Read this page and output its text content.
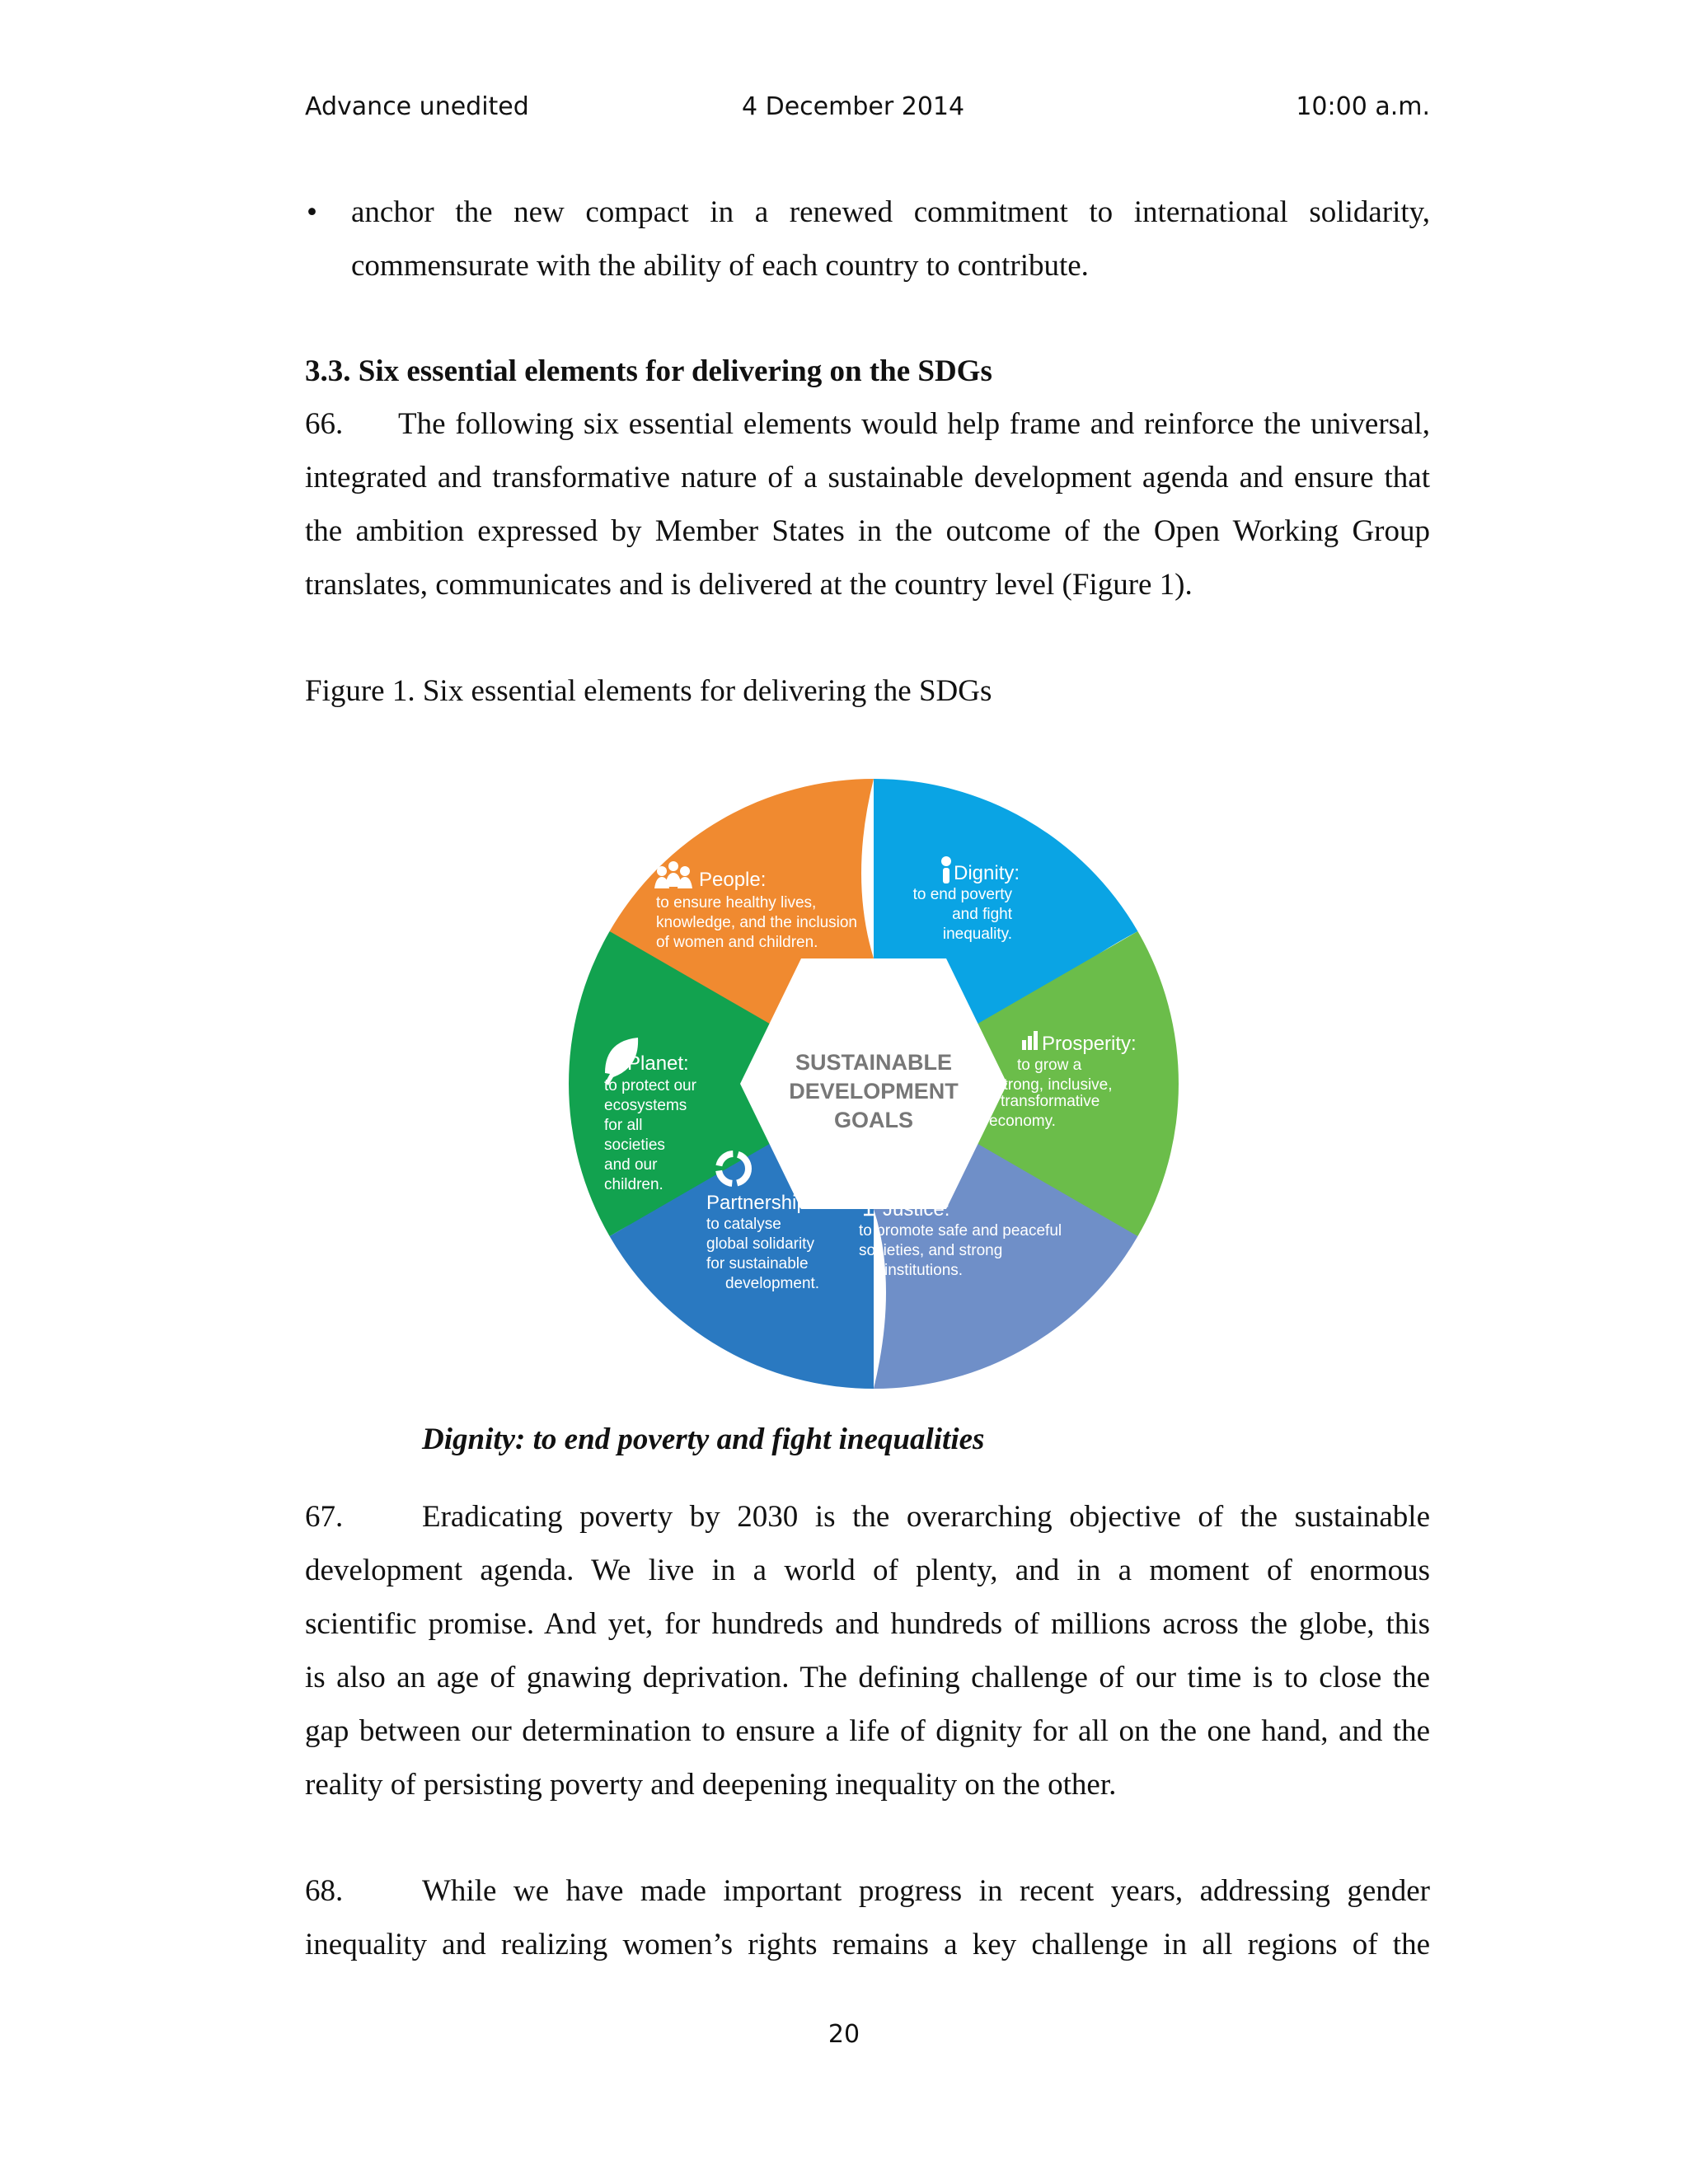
Advance unedited	4 December 2014	10:00 a.m.
• anchor the new compact in a renewed commitment to international solidarity,
commensurate with the ability of each country to contribute.
3.3. Six essential elements for delivering on the SDGs
66. The following six essential elements would help frame and reinforce the universal,
integrated and transformative nature of a sustainable development agenda and ensure that
the ambition expressed by Member States in the outcome of the Open Working Group
translates, communicates and is delivered at the country level (Figure 1).
Figure 1. Six essential elements for delivering the SDGs
SUSTAINABLE
DEVELOPMENT
GOALS
People:
to ensure healthy lives,
knowledge, and the inclusion
of women and children.
Dignity:
to end poverty
and fight
inequality.
Prosperity:
to grow a
strong, inclusive,
& transformative
economy.
Planet:
to protect our
ecosystems
for all
societies
and our
children.
Partnership:
to catalyse
global solidarity
for sustainable
development.
Justice:
to promote safe and peaceful
societies, and strong
institutions.
Dignity: to end poverty and fight inequalities
67.	Eradicating poverty by 2030 is the overarching objective of the sustainable
development agenda. We live in a world of plenty, and in a moment of enormous
scientific promise. And yet, for hundreds and hundreds of millions across the globe, this
is also an age of gnawing deprivation. The defining challenge of our time is to close the
gap between our determination to ensure a life of dignity for all on the one hand, and the
reality of persisting poverty and deepening inequality on the other.
68.	While we have made important progress in recent years, addressing gender
inequality and realizing women’s rights remains a key challenge in all regions of the
20
